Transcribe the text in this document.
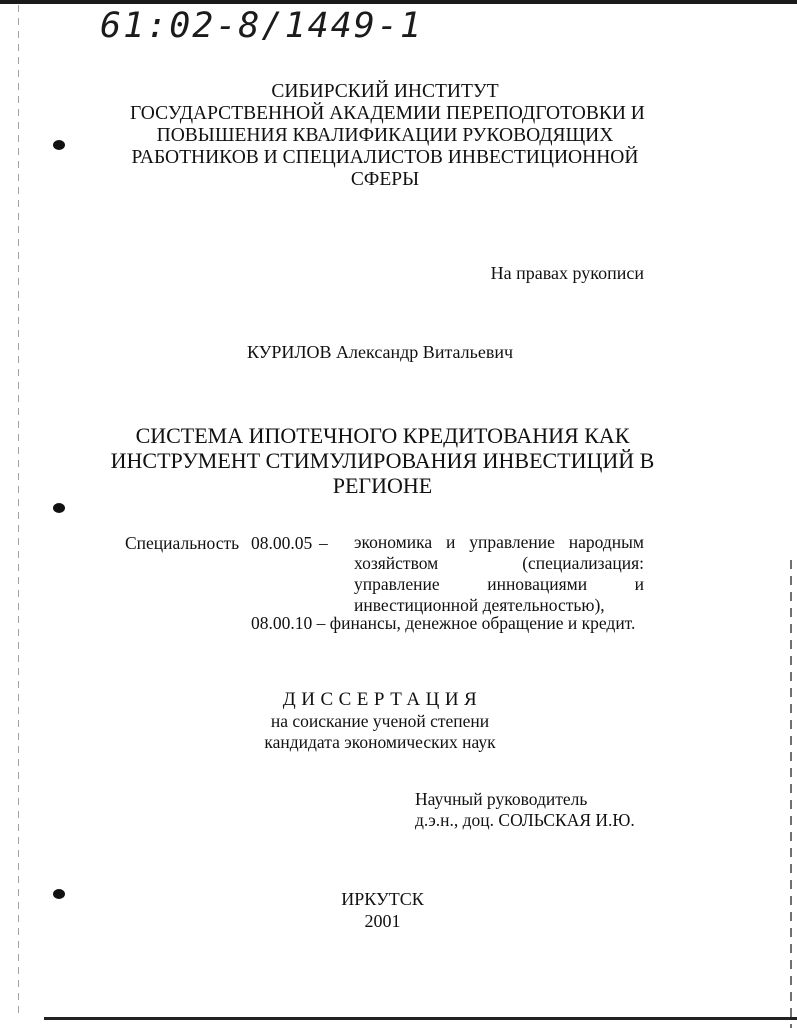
61:02-8/1449-1

СИБИРСКИЙ ИНСТИТУТ
ГОСУДАРСТВЕННОЙ АКАДЕМИИ ПЕРЕПОДГОТОВКИ И
ПОВЫШЕНИЯ КВАЛИФИКАЦИИ РУКОВОДЯЩИХ
РАБОТНИКОВ И СПЕЦИАЛИСТОВ ИНВЕСТИЦИОННОЙ
СФЕРЫ

На правах рукописи

КУРИЛОВ Александр Витальевич

СИСТЕМА ИПОТЕЧНОГО КРЕДИТОВАНИЯ КАК
ИНСТРУМЕНТ СТИМУЛИРОВАНИЯ ИНВЕСТИЦИЙ В
РЕГИОНЕ

Специальность 08.00.05 – экономика и управление народным

хозяйством (специализация:

управление инновациями и

инвестиционной деятельностью),

08.00.10 – финансы, денежное обращение и кредит.

ДИССЕРТАЦИЯ

на соискание ученой степени
кандидата экономических наук
Научный руководитель
д.э.н., доц. СОЛЬСКАЯ И.Ю.
ИРКУТСК
2001
